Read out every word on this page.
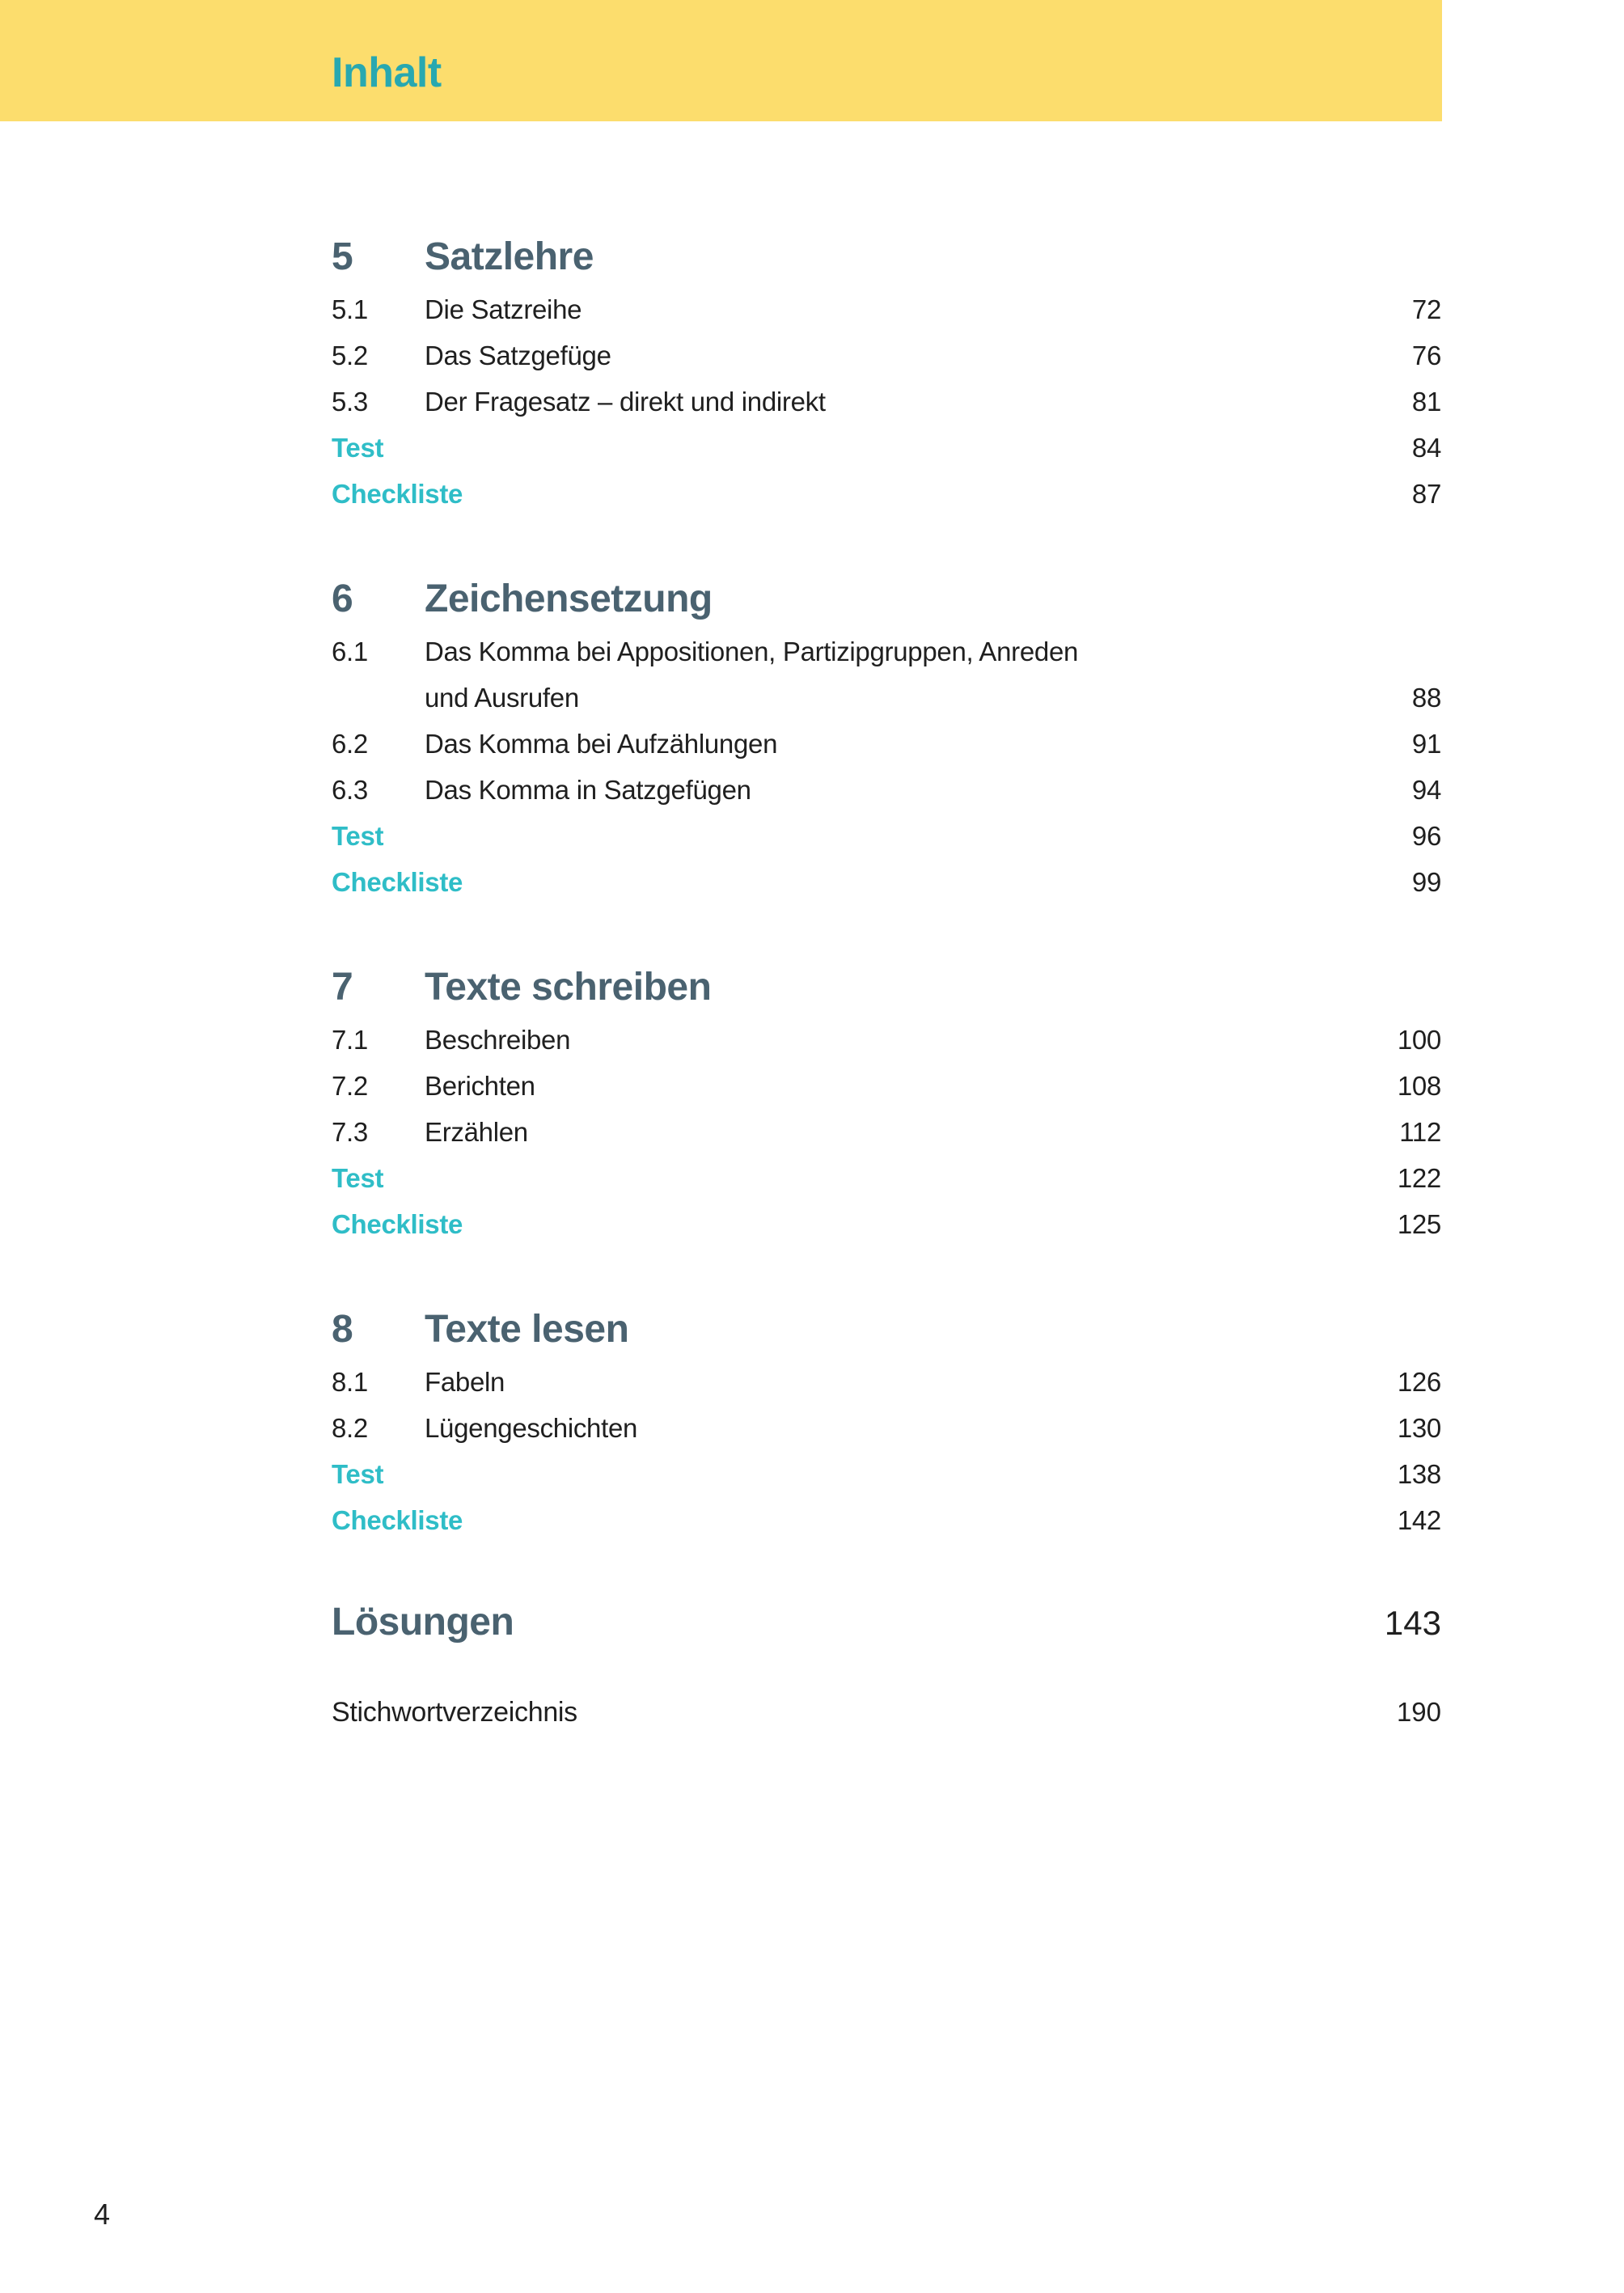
Inhalt
5	Satzlehre
5.1	Die Satzreihe	72
5.2	Das Satzgefüge	76
5.3	Der Fragesatz – direkt und indirekt	81
Test	84
Checkliste	87
6	Zeichensetzung
6.1	Das Komma bei Appositionen, Partizipgruppen, Anreden
und Ausrufen	88
6.2	Das Komma bei Aufzählungen	91
6.3	Das Komma in Satzgefügen	94
Test	96
Checkliste	99
7	Texte schreiben
7.1	Beschreiben	100
7.2	Berichten	108
7.3	Erzählen	112
Test	122
Checkliste	125
8	Texte lesen
8.1	Fabeln	126
8.2	Lügengeschichten	130
Test	138
Checkliste	142
Lösungen	143
Stichwortverzeichnis	190
4
